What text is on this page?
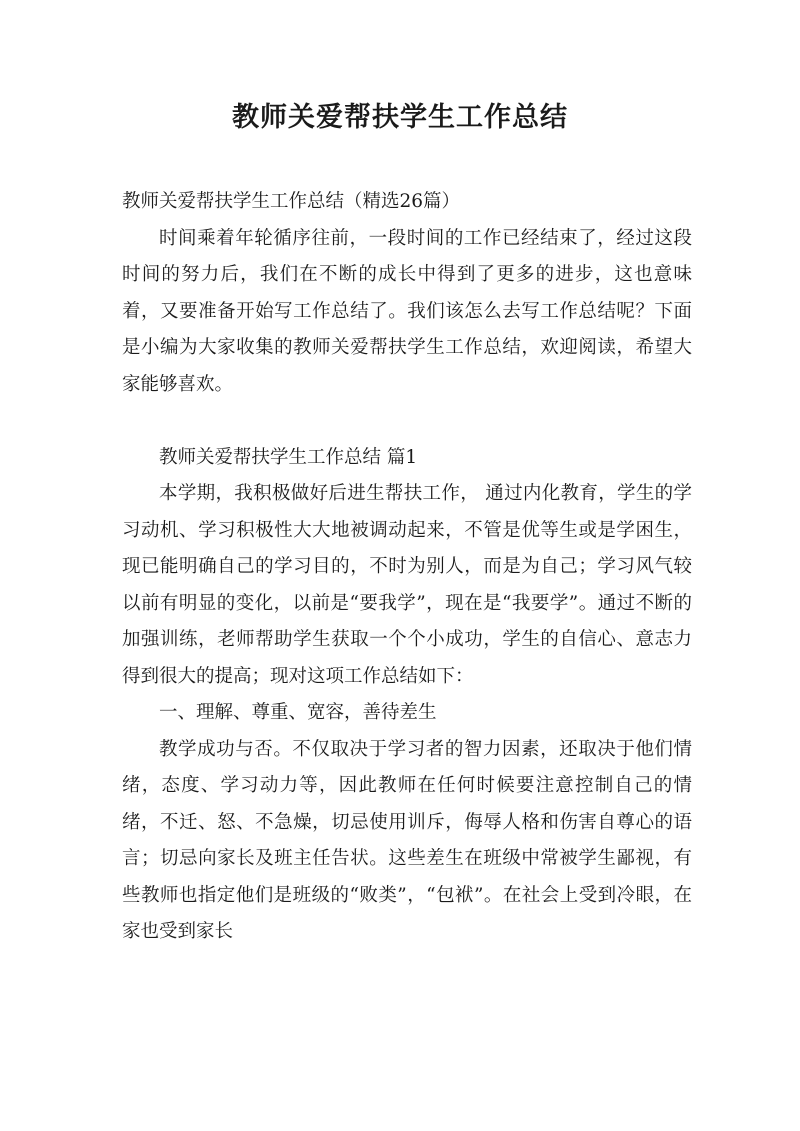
教师关爱帮扶学生工作总结

教师关爱帮扶学生工作总结（精选26篇）

时间乘着年轮循序往前，一段时间的工作已经结束了，经过这段时间的努力后，我们在不断的成长中得到了更多的进步，这也意味着，又要准备开始写工作总结了。我们该怎么去写工作总结呢？下面是小编为大家收集的教师关爱帮扶学生工作总结，欢迎阅读，希望大家能够喜欢。

教师关爱帮扶学生工作总结 篇1

本学期，我积极做好后进生帮扶工作， 通过内化教育，学生的学习动机、学习积极性大大地被调动起来，不管是优等生或是学困生，现已能明确自己的学习目的，不时为别人，而是为自己；学习风气较以前有明显的变化，以前是“要我学”，现在是“我要学”。通过不断的加强训练，老师帮助学生获取一个个小成功，学生的自信心、意志力得到很大的提高；现对这项工作总结如下：

一、理解、尊重、宽容，善待差生

教学成功与否。不仅取决于学习者的智力因素，还取决于他们情绪，态度、学习动力等，因此教师在任何时候要注意控制自己的情绪，不迁、怒、不急燥，切忌使用训斥，侮辱人格和伤害自尊心的语言；切忌向家长及班主任告状。这些差生在班级中常被学生鄙视，有些教师也指定他们是班级的“败类”，“包袱”。在社会上受到冷眼，在家也受到家长
